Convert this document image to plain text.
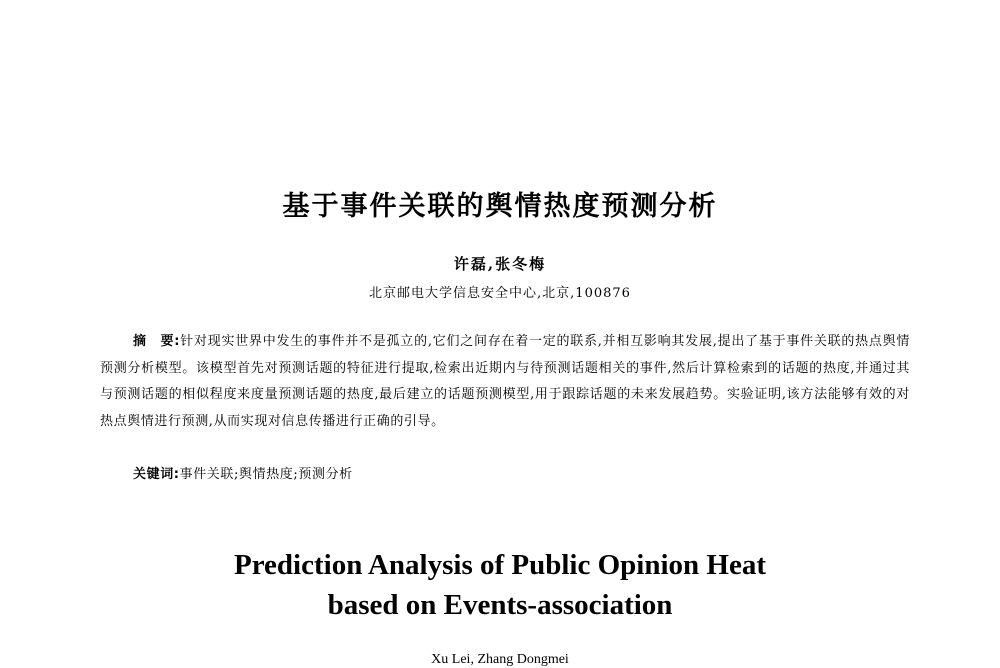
基于事件关联的舆情热度预测分析
许磊,张冬梅
北京邮电大学信息安全中心,北京,100876
摘　要:针对现实世界中发生的事件并不是孤立的,它们之间存在着一定的联系,并相互影响其发展,提出了基于事件关联的热点舆情预测分析模型。该模型首先对预测话题的特征进行提取,检索出近期内与待预测话题相关的事件,然后计算检索到的话题的热度,并通过其与预测话题的相似程度来度量预测话题的热度,最后建立的话题预测模型,用于跟踪话题的未来发展趋势。实验证明,该方法能够有效的对热点舆情进行预测,从而实现对信息传播进行正确的引导。
关键词:事件关联;舆情热度;预测分析
Prediction Analysis of Public Opinion Heat
based on Events-association
Xu Lei, Zhang Dongmei
